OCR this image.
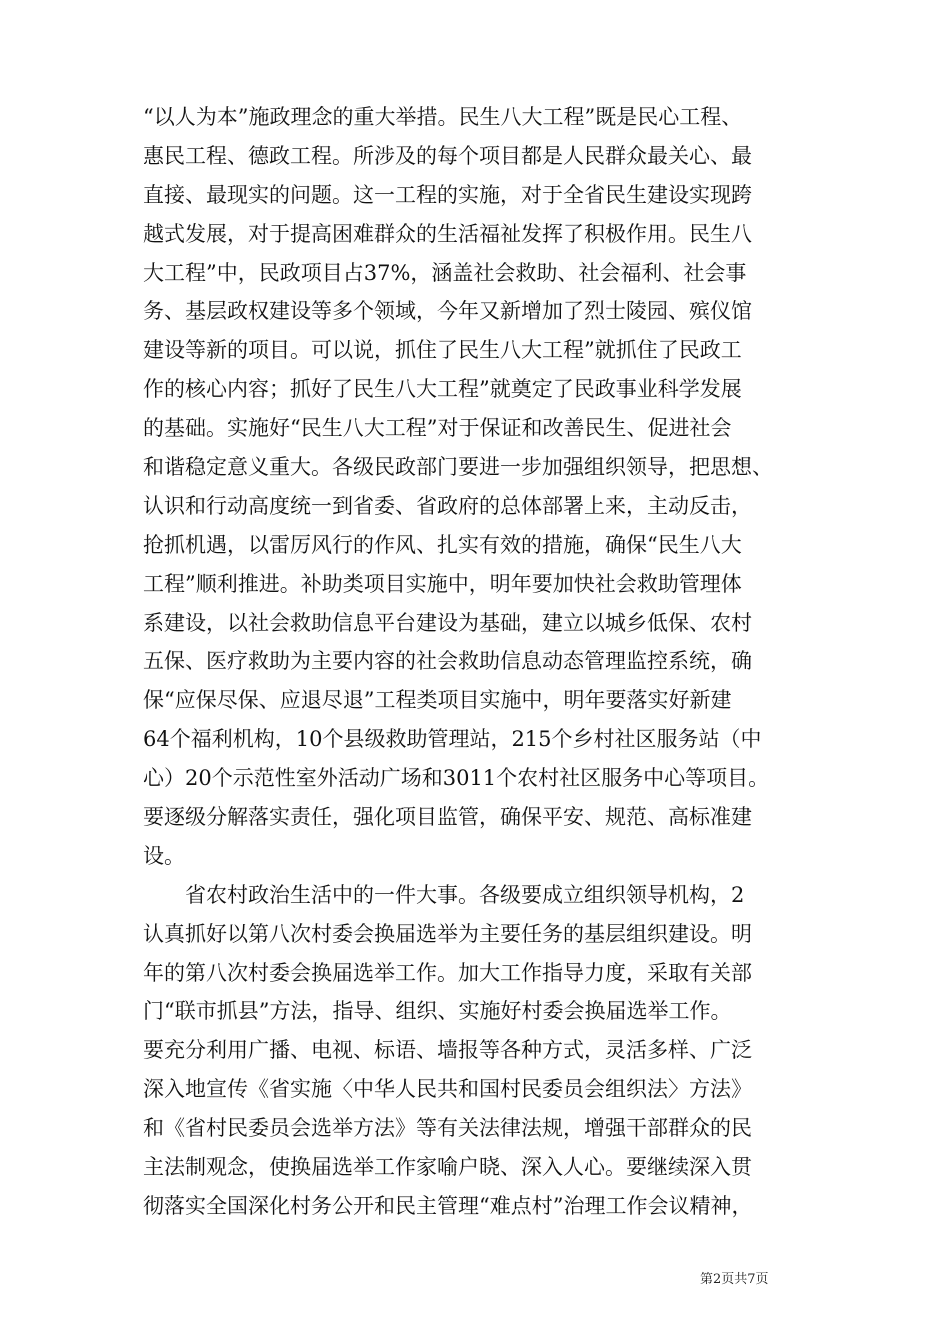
“以人为本”施政理念的重大举措。民生八大工程”既是民心工程、
惠民工程、德政工程。所涉及的每个项目都是人民群众最关心、最
直接、最现实的问题。这一工程的实施，对于全省民生建设实现跨
越式发展，对于提高困难群众的生活福祉发挥了积极作用。民生八
大工程”中，民政项目占37%，涵盖社会救助、社会福利、社会事
务、基层政权建设等多个领域，今年又新增加了烈士陵园、殡仪馆
建设等新的项目。可以说，抓住了民生八大工程”就抓住了民政工
作的核心内容；抓好了民生八大工程”就奠定了民政事业科学发展
的基础。实施好“民生八大工程”对于保证和改善民生、促进社会
和谐稳定意义重大。各级民政部门要进一步加强组织领导，把思想、
认识和行动高度统一到省委、省政府的总体部署上来，主动反击，
抢抓机遇，以雷厉风行的作风、扎实有效的措施，确保“民生八大
工程”顺利推进。补助类项目实施中，明年要加快社会救助管理体
系建设，以社会救助信息平台建设为基础，建立以城乡低保、农村
五保、医疗救助为主要内容的社会救助信息动态管理监控系统，确
保“应保尽保、应退尽退”工程类项目实施中，明年要落实好新建
64个福利机构，10个县级救助管理站，215个乡村社区服务站（中
心）20个示范性室外活动广场和3011个农村社区服务中心等项目。
要逐级分解落实责任，强化项目监管，确保平安、规范、高标准建
设。
省农村政治生活中的一件大事。各级要成立组织领导机构，2
认真抓好以第八次村委会换届选举为主要任务的基层组织建设。明
年的第八次村委会换届选举工作。加大工作指导力度，采取有关部
门“联市抓县”方法，指导、组织、实施好村委会换届选举工作。
要充分利用广播、电视、标语、墙报等各种方式，灵活多样、广泛
深入地宣传《省实施〈中华人民共和国村民委员会组织法〉方法》
和《省村民委员会选举方法》等有关法律法规，增强干部群众的民
主法制观念，使换届选举工作家喻户晓、深入人心。要继续深入贯
彻落实全国深化村务公开和民主管理“难点村”治理工作会议精神，
第2页共7页
